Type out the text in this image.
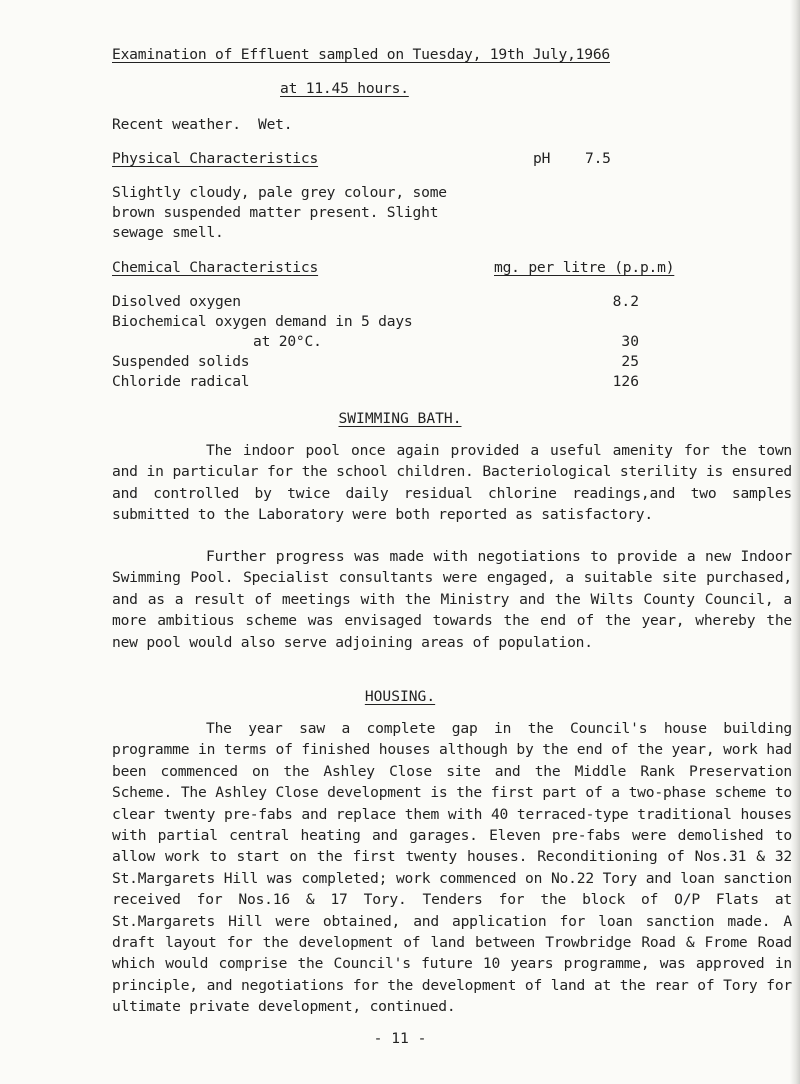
Examination of Effluent sampled on Tuesday, 19th July,1966
at 11.45 hours.
Recent weather. Wet.
Physical Characteristics	pH 7.5
Slightly cloudy, pale grey colour, some
brown suspended matter present. Slight
sewage smell.
Chemical Characteristics	mg. per litre (p.p.m)
Disolved oxygen	8.2
Biochemical oxygen demand in 5 days
at 20°C.	30
Suspended solids	25
Chloride radical	126
SWIMMING BATH.

The indoor pool once again provided a useful amenity for the town and in particular for the school children. Bacteriological sterility is ensured and controlled by twice daily residual chlorine readings,and two samples submitted to the Laboratory were both reported as satisfactory.

Further progress was made with negotiations to provide a new Indoor Swimming Pool. Specialist consultants were engaged, a suitable site purchased, and as a result of meetings with the Ministry and the Wilts County Council, a more ambitious scheme was envisaged towards the end of the year, whereby the new pool would also serve adjoining areas of population.

HOUSING.

The year saw a complete gap in the Council's house building programme in terms of finished houses although by the end of the year, work had been commenced on the Ashley Close site and the Middle Rank Preservation Scheme. The Ashley Close development is the first part of a two-phase scheme to clear twenty pre-fabs and replace them with 40 terraced-type traditional houses with partial central heating and garages. Eleven pre-fabs were demolished to allow work to start on the first twenty houses. Reconditioning of Nos.31 & 32 St.Margarets Hill was completed; work commenced on No.22 Tory and loan sanction received for Nos.16 & 17 Tory. Tenders for the block of O/P Flats at St.Margarets Hill were obtained, and application for loan sanction made. A draft layout for the development of land between Trowbridge Road & Frome Road which would comprise the Council's future 10 years programme, was approved in principle, and negotiations for the development of land at the rear of Tory for ultimate private development, continued.

- 11 -
